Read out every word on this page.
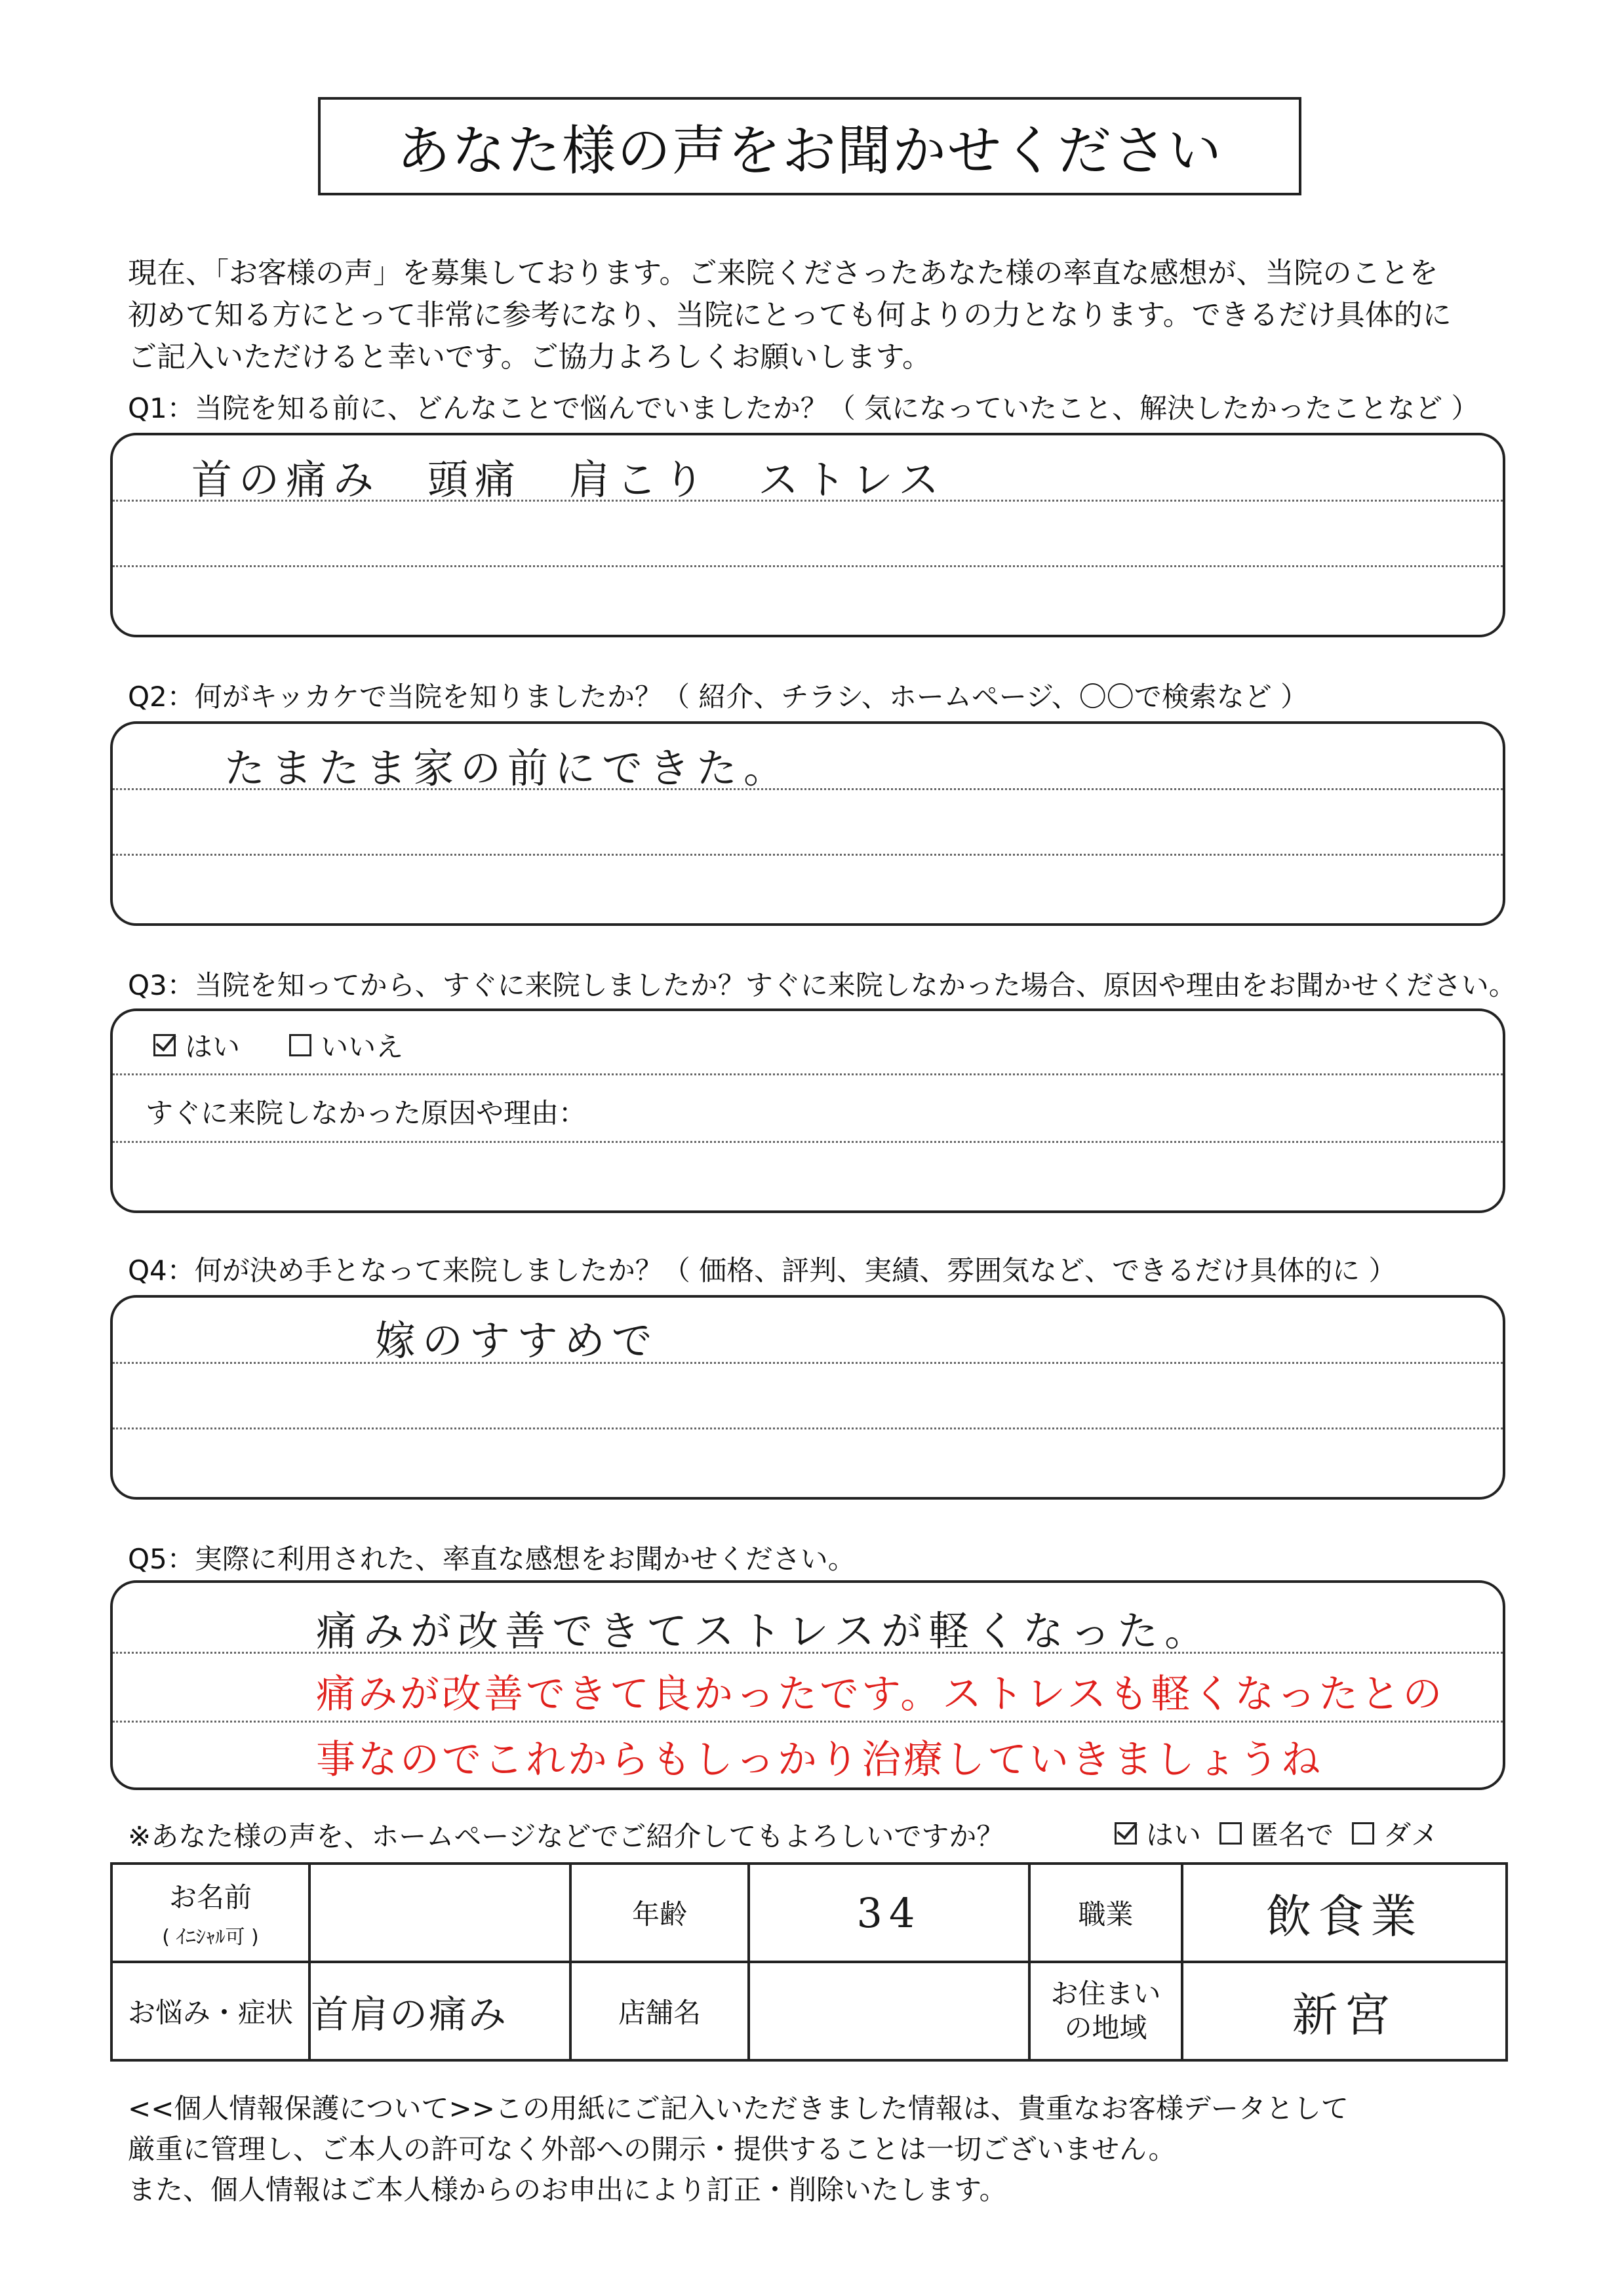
あなた様の声をお聞かせください
現在、「お客様の声」を募集しております。ご来院くださったあなた様の率直な感想が、当院のことを
初めて知る方にとって非常に参考になり、当院にとっても何よりの力となります。できるだけ具体的に
ご記入いただけると幸いです。ご協力よろしくお願いします。
Q1：当院を知る前に、どんなことで悩んでいましたか？（ 気になっていたこと、解決したかったことなど ）
首の痛み　頭痛　肩こり　ストレス
Q2：何がキッカケで当院を知りましたか？（ 紹介、チラシ、ホームページ、〇〇で検索など ）
たまたま家の前にできた。
Q3：当院を知ってから、すぐに来院しましたか？すぐに来院しなかった場合、原因や理由をお聞かせください。
はい
	いいえ
すぐに来院しなかった原因や理由：
Q4：何が決め手となって来院しましたか？（ 価格、評判、実績、雰囲気など、できるだけ具体的に ）
嫁のすすめで
Q5：実際に利用された、率直な感想をお聞かせください。
痛みが改善できてストレスが軽くなった。
痛みが改善できて良かったです。ストレスも軽くなったとの
事なのでこれからもしっかり治療していきましょうね
※あなた様の声を、ホームページなどでご紹介してもよろしいですか？	はい 匿名で ダメ
お名前
( ｲﾆｼｬﾙ可 )		年齢	34	職業	飲食業
お悩み・症状	首肩の痛み	店舗名		お住まい
の地域	新宮
<<個人情報保護について>>この用紙にご記入いただきました情報は、貴重なお客様データとして
厳重に管理し、ご本人の許可なく外部への開示・提供することは一切ございません。
また、個人情報はご本人様からのお申出により訂正・削除いたします。
